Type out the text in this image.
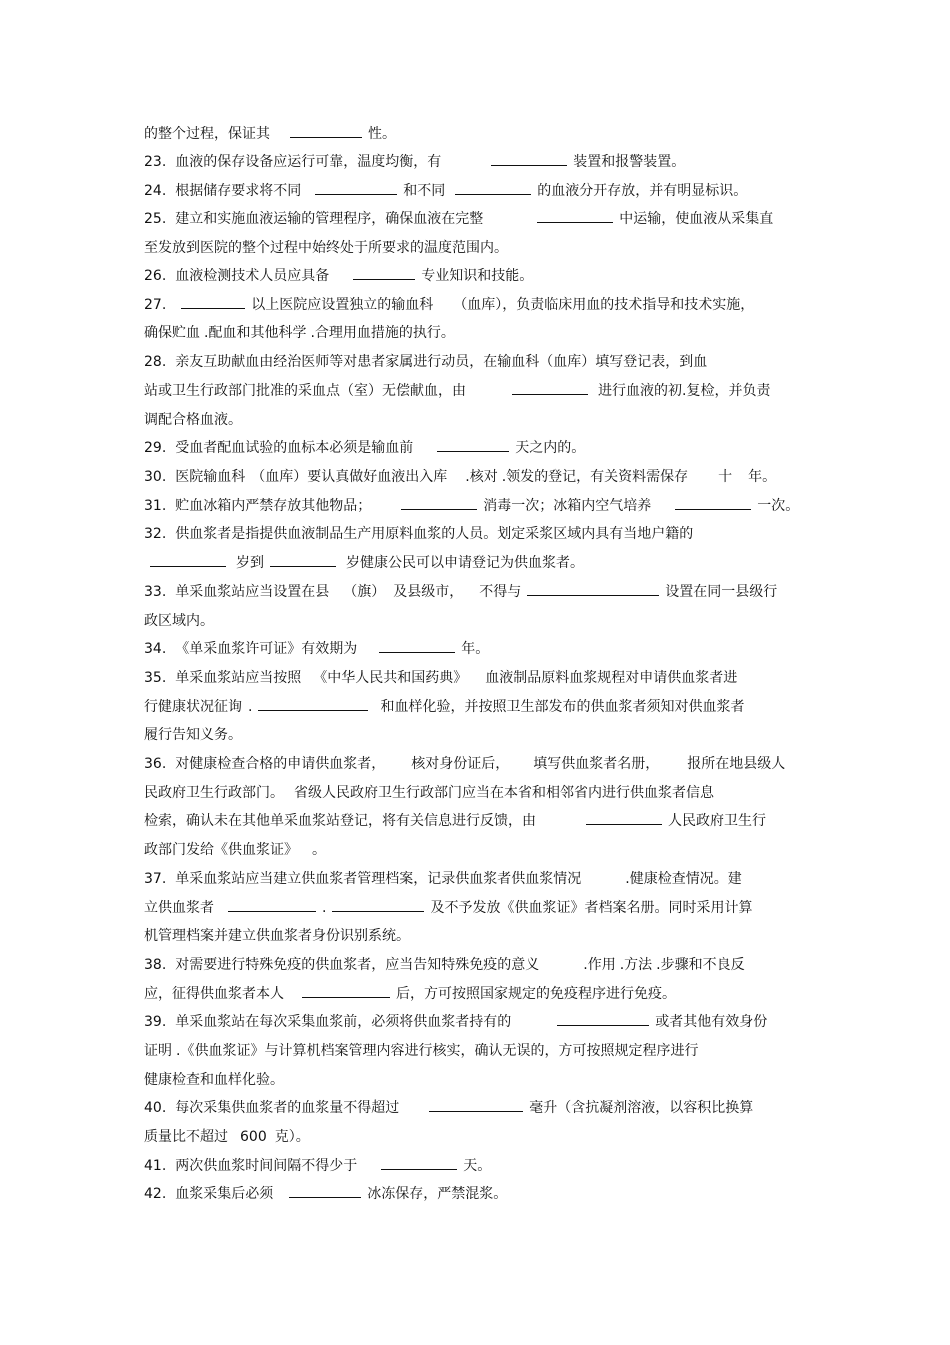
的整个过程，保证其	性。
23. 血液的保存设备应运行可靠，温度均衡，有	装置和报警装置。
24. 根据储存要求将不同	和不同	的血液分开存放，并有明显标识。
25. 建立和实施血液运输的管理程序，确保血液在完整	中运输，使血液从采集直
至发放到医院的整个过程中始终处于所要求的温度范围内。
26. 血液检测技术人员应具备	专业知识和技能。
27.	以上医院应设置独立的输血科 （血库），负责临床用血的技术指导和技术实施，
确保贮血 .配血和其他科学 .合理用血措施的执行。
28. 亲友互助献血由经治医师等对患者家属进行动员，在输血科（血库）填写登记表，到血
站或卫生行政部门批准的采血点（室）无偿献血，由	进行血液的初.复检，并负责
调配合格血液。
29. 受血者配血试验的血标本必须是输血前	天之内的。
30. 医院输血科 （血库）要认真做好血液出入库 .核对 .领发的登记，有关资料需保存 十 年。
31. 贮血冰箱内严禁存放其他物品；	消毒一次；冰箱内空气培养	一次。
32. 供血浆者是指提供血液制品生产用原料血浆的人员。划定采浆区域内具有当地户籍的
岁到	岁健康公民可以申请登记为供血浆者。
33. 单采血浆站应当设置在县 （旗） 及县级市， 不得与	设置在同一县级行
政区域内。
34. 《单采血浆许可证》有效期为	年。
35. 单采血浆站应当按照 《中华人民共和国药典》 血液制品原料血浆规程对申请供血浆者进
行健康状况征询 .	和血样化验，并按照卫生部发布的供血浆者须知对供血浆者
履行告知义务。
36. 对健康检查合格的申请供血浆者， 核对身份证后， 填写供血浆者名册， 报所在地县级人
民政府卫生行政部门。 省级人民政府卫生行政部门应当在本省和相邻省内进行供血浆者信息
检索，确认未在其他单采血浆站登记，将有关信息进行反馈，由	人民政府卫生行
政部门发给《供血浆证》 。
37. 单采血浆站应当建立供血浆者管理档案，记录供血浆者供血浆情况	.健康检查情况。建
立供血浆者	.	及不予发放《供血浆证》者档案名册。同时采用计算
机管理档案并建立供血浆者身份识别系统。
38. 对需要进行特殊免疫的供血浆者，应当告知特殊免疫的意义	.作用 .方法 .步骤和不良反
应，征得供血浆者本人	后，方可按照国家规定的免疫程序进行免疫。
39. 单采血浆站在每次采集血浆前，必须将供血浆者持有的	或者其他有效身份
证明 .《供血浆证》与计算机档案管理内容进行核实，确认无误的，方可按照规定程序进行
健康检查和血样化验。
40. 每次采集供血浆者的血浆量不得超过	毫升（含抗凝剂溶液，以容积比换算
质量比不超过 600 克）。
41. 两次供血浆时间间隔不得少于	天。
42. 血浆采集后必须	冰冻保存，严禁混浆。
